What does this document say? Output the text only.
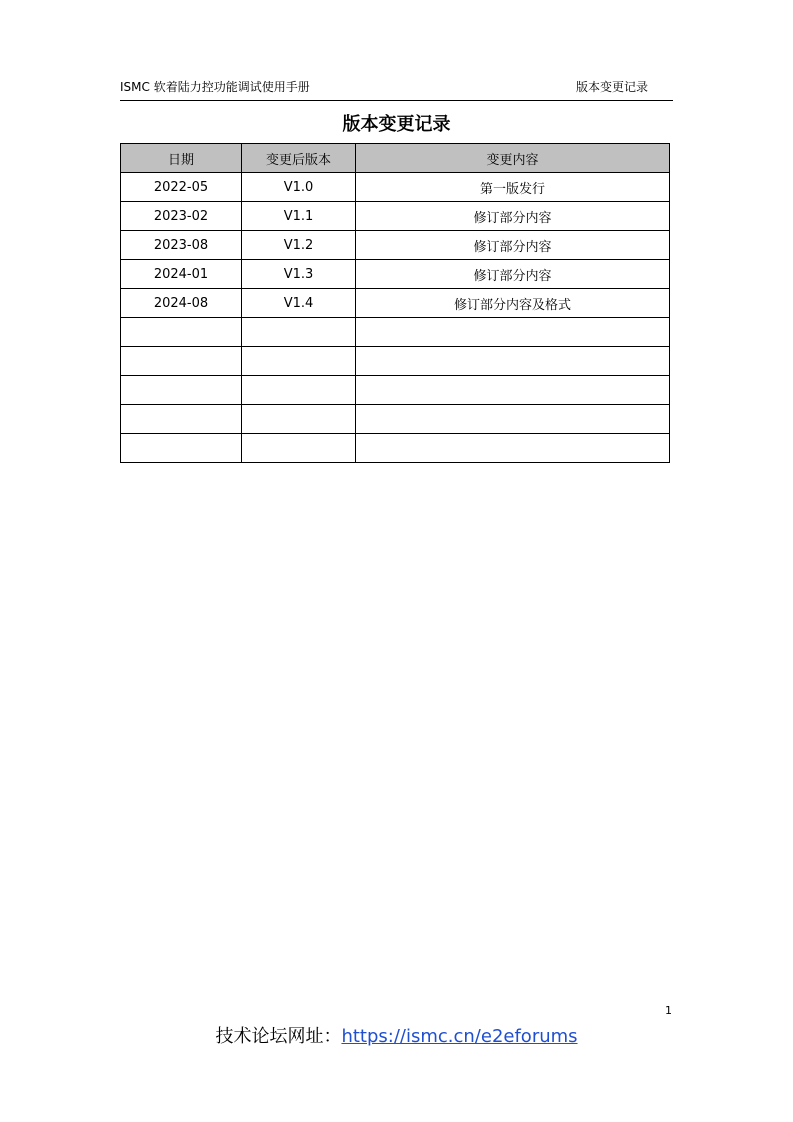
ISMC 软着陆力控功能调试使用手册	版本变更记录
版本变更记录
日期	变更后版本	变更内容
2022-05	V1.0	第一版发行
2023-02	V1.1	修订部分内容
2023-08	V1.2	修订部分内容
2024-01	V1.3	修订部分内容
2024-08	V1.4	修订部分内容及格式

1
技术论坛网址：https://ismc.cn/e2eforums
